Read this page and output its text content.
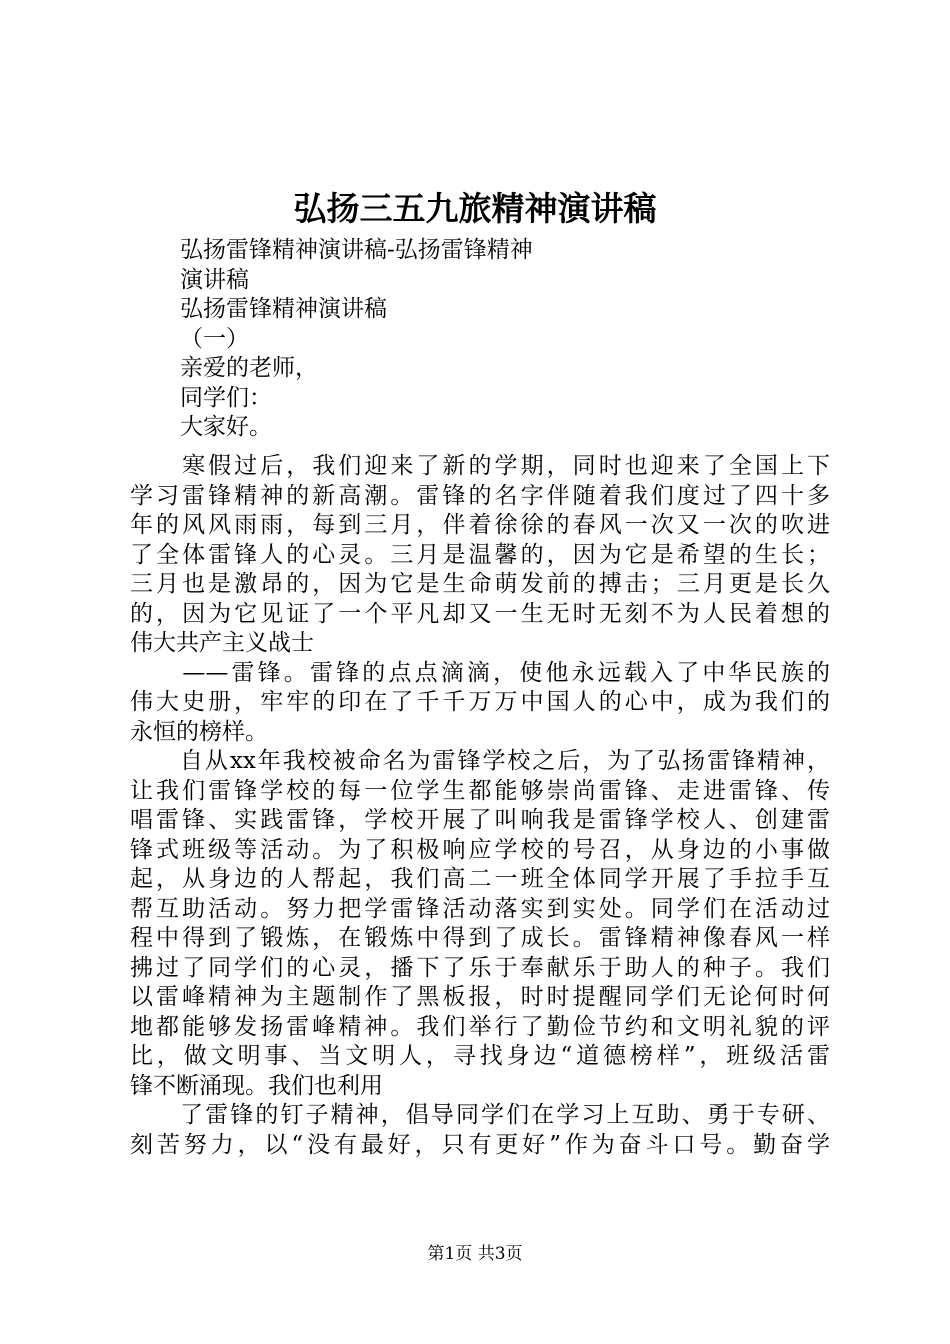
弘扬三五九旅精神演讲稿
弘扬雷锋精神演讲稿-弘扬雷锋精神
演讲稿
弘扬雷锋精神演讲稿
（一）
亲爱的老师，
同学们：
大家好。
　　寒假过后，我们迎来了新的学期，同时也迎来了全国上下
学习雷锋精神的新高潮。雷锋的名字伴随着我们度过了四十多
年的风风雨雨，每到三月，伴着徐徐的春风一次又一次的吹进
了全体雷锋人的心灵。三月是温馨的，因为它是希望的生长；
三月也是激昂的，因为它是生命萌发前的搏击；三月更是长久
的，因为它见证了一个平凡却又一生无时无刻不为人民着想的
伟大共产主义战士
　　——雷锋。雷锋的点点滴滴，使他永远载入了中华民族的
伟大史册，牢牢的印在了千千万万中国人的心中，成为我们的
永恒的榜样。
　　自从xx年我校被命名为雷锋学校之后，为了弘扬雷锋精神，
让我们雷锋学校的每一位学生都能够崇尚雷锋、走进雷锋、传
唱雷锋、实践雷锋，学校开展了叫响我是雷锋学校人、创建雷
锋式班级等活动。为了积极响应学校的号召，从身边的小事做
起，从身边的人帮起，我们高二一班全体同学开展了手拉手互
帮互助活动。努力把学雷锋活动落实到实处。同学们在活动过
程中得到了锻炼，在锻炼中得到了成长。雷锋精神像春风一样
拂过了同学们的心灵，播下了乐于奉献乐于助人的种子。我们
以雷峰精神为主题制作了黑板报，时时提醒同学们无论何时何
地都能够发扬雷峰精神。我们举行了勤俭节约和文明礼貌的评
比，做文明事、当文明人，寻找身边“道德榜样”，班级活雷
锋不断涌现。我们也利用
　　了雷锋的钉子精神，倡导同学们在学习上互助、勇于专研、
刻苦努力，以“没有最好，只有更好”作为奋斗口号。勤奋学
第1页 共3页
